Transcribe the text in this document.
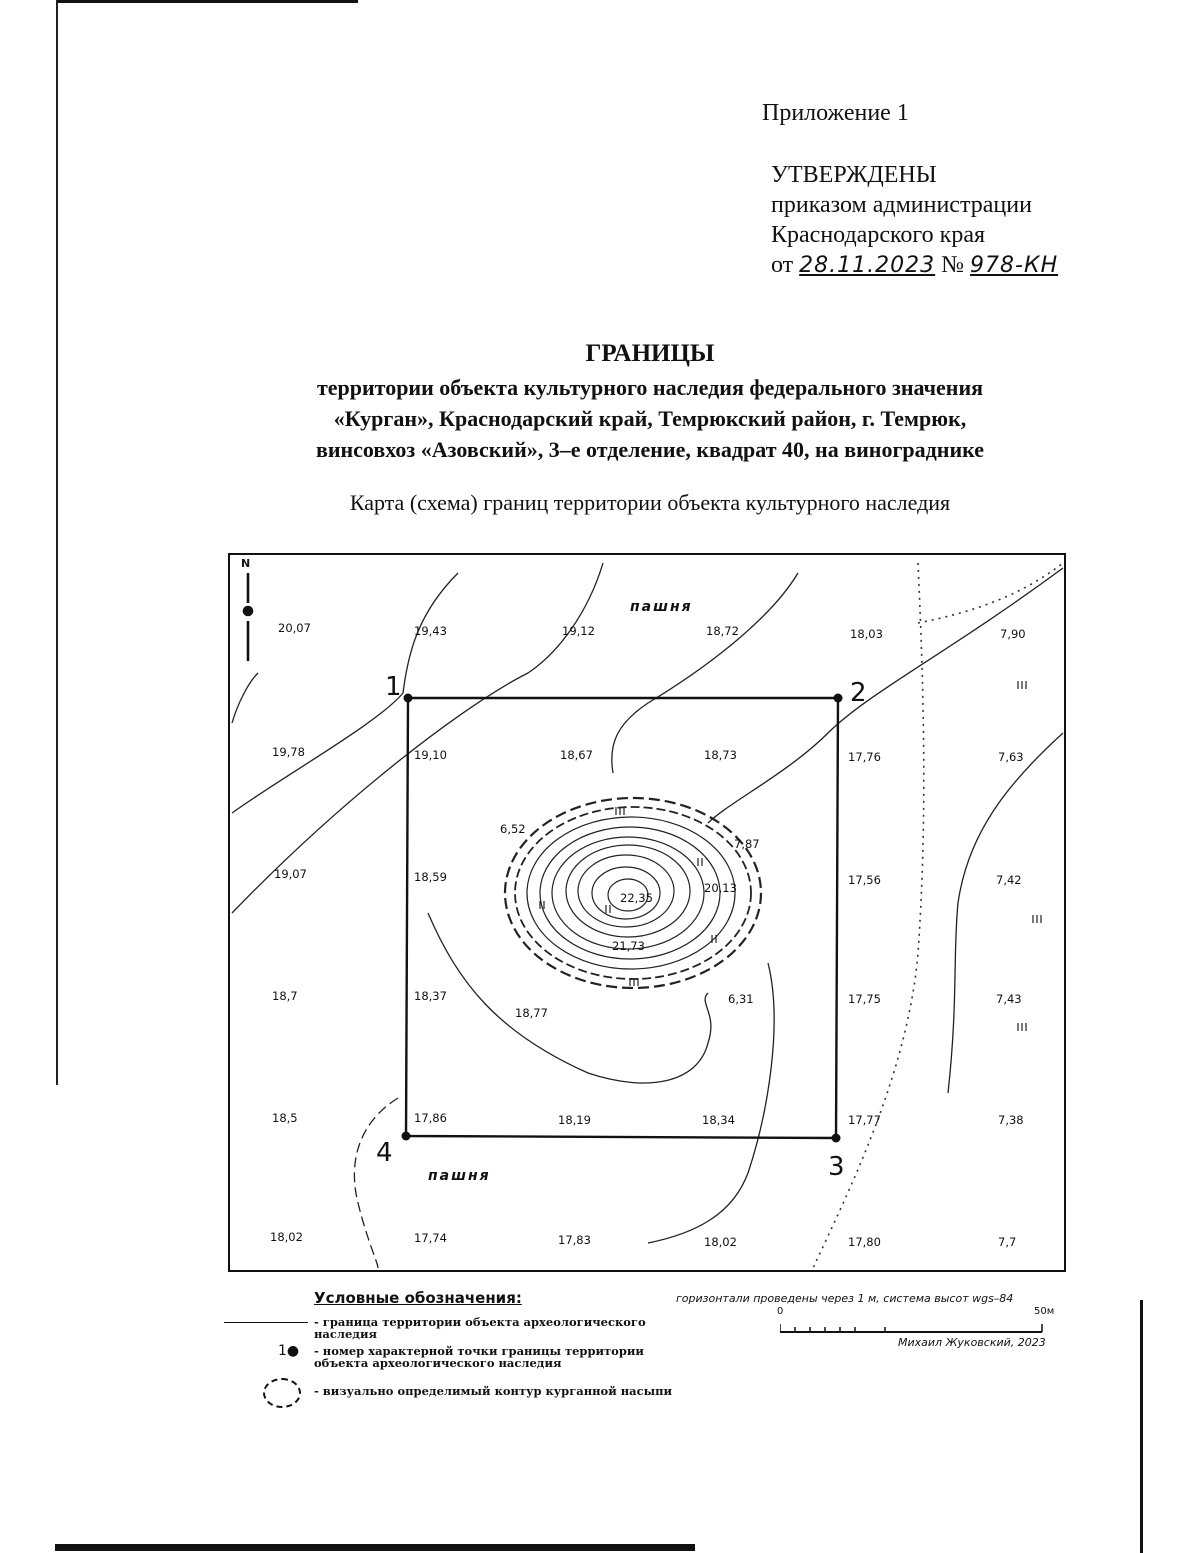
Приложение 1
УТВЕРЖДЕНЫ
приказом администрации
Краснодарского края
от 28.11.2023 № 978-КН
ГРАНИЦЫ
территории объекта культурного наследия федерального значения
«Курган», Краснодарский край, Темрюкский район, г. Темрюк,
винсовхоз «Азовский», 3–е отделение, квадрат 40, на винограднике
Карта (схема) границ территории объекта культурного наследия
1	2
3
4
пашня
пашня
N
20,07	19,43	19,12	18,72	18,03	7,90
19,78	19,10	18,67	18,73	17,76	7,63
6,52
7,87
22,35
20,13
21,73
19,07	18,59	17,56	7,42
18,7	18,37
18,77
6,31	17,75	7,43
18,5	17,86	18,19	18,34	17,77	7,38
18,02	17,74	17,83	18,02	17,80	7,7
Условные обозначения:
- граница территории объекта археологического наследия
1● - номер характерной точки границы территории объекта археологического наследия
- визуально определимый контур курганной насыпи
горизонтали проведены через 1 м, система высот wgs–84
0	50м
Михаил Жуковский, 2023
